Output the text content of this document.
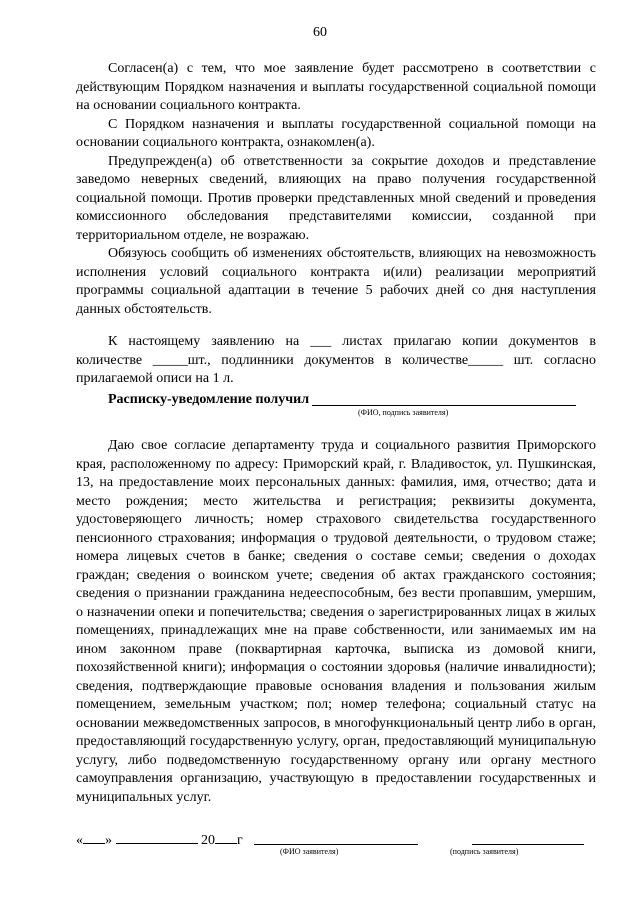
60

Согласен(а) с тем, что мое заявление будет рассмотрено в соответствии с действующим Порядком назначения и выплаты государственной социальной помощи на основании социального контракта.

С Порядком назначения и выплаты государственной социальной помощи на основании социального контракта, ознакомлен(а).

Предупрежден(а) об ответственности за сокрытие доходов и представление заведомо неверных сведений, влияющих на право получения государственной социальной помощи. Против проверки представленных мной сведений и проведения комиссионного обследования представителями комиссии, созданной при территориальном отделе, не возражаю.

Обязуюсь сообщить об изменениях обстоятельств, влияющих на невозможность исполнения условий социального контракта и(или) реализации мероприятий программы социальной адаптации в течение 5 рабочих дней со дня наступления данных обстоятельств.

К настоящему заявлению на ___ листах прилагаю копии документов в количестве _____шт., подлинники документов в количестве_____ шт. согласно прилагаемой описи на 1 л.

Расписку-уведомление получил
(ФИО, подпись заявителя)

Даю свое согласие департаменту труда и социального развития Приморского края, расположенному по адресу: Приморский край, г. Владивосток, ул. Пушкинская, 13, на предоставление моих персональных данных: фамилия, имя, отчество; дата и место рождения; место жительства и регистрация; реквизиты документа, удостоверяющего личность; номер страхового свидетельства государственного пенсионного страхования; информация о трудовой деятельности, о трудовом стаже; номера лицевых счетов в банке; сведения о составе семьи; сведения о доходах граждан; сведения о воинском учете; сведения об актах гражданского состояния; сведения о признании гражданина недееспособным, без вести пропавшим, умершим, о назначении опеки и попечительства; сведения о зарегистрированных лицах в жилых помещениях, принадлежащих мне на праве собственности, или занимаемых им на ином законном праве (поквартирная карточка, выписка из домовой книги, похозяйственной книги); информация о состоянии здоровья (наличие инвалидности); сведения, подтверждающие правовые основания владения и пользования жилым помещением, земельным участком; пол; номер телефона; социальный статус на основании межведомственных запросов, в многофункциональный центр либо в орган, предоставляющий государственную услугу, орган, предоставляющий муниципальную услугу, либо подведомственную государственному органу или органу местного самоуправления организацию, участвующую в предоставлении государственных и муниципальных услуг.

« »	20 г
(ФИО заявителя)	(подпись заявителя)
